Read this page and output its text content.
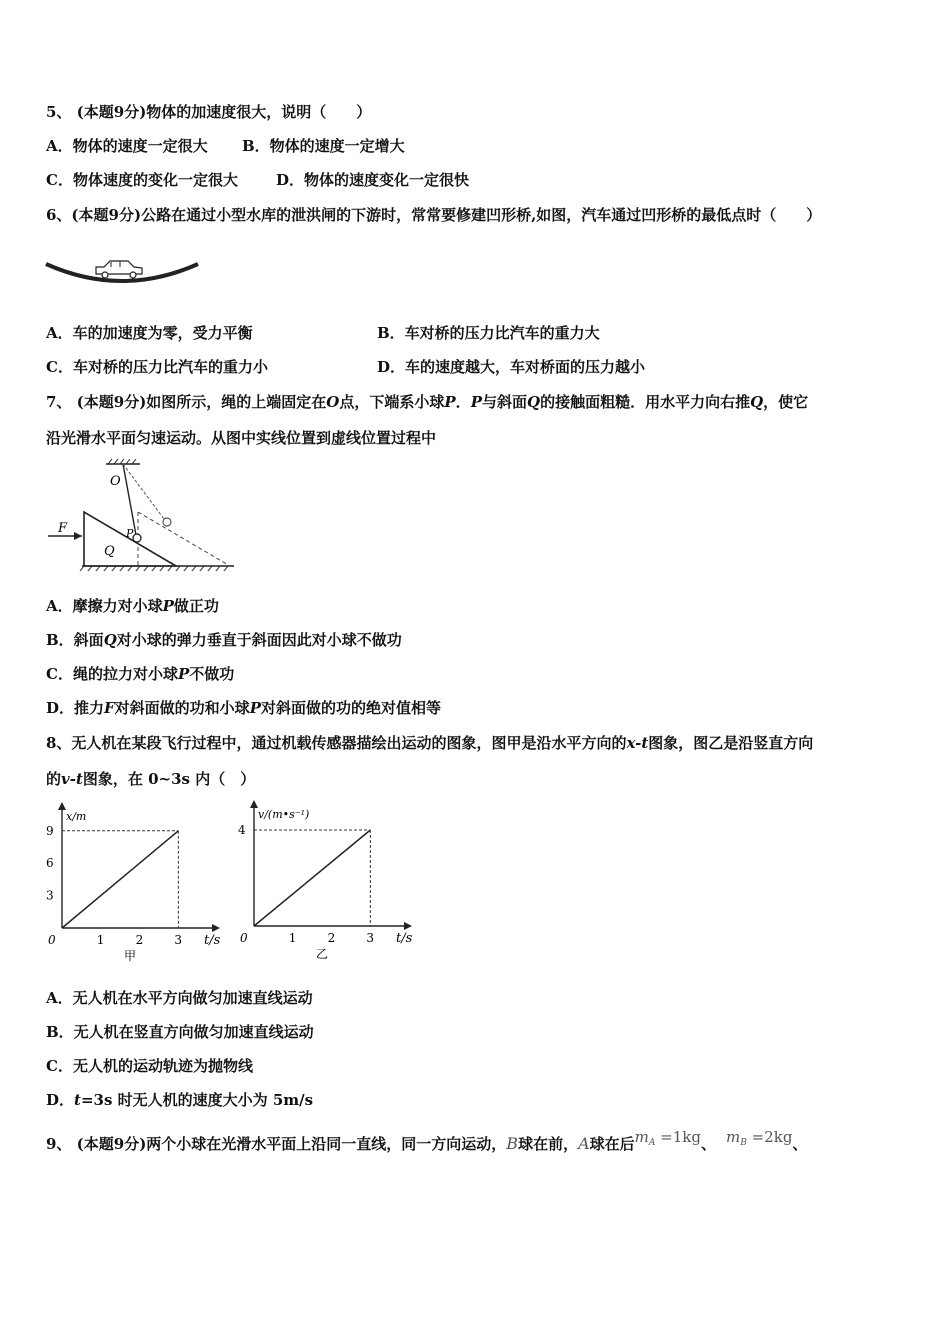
5、 (本题9分)物体的加速度很大，说明（　　）
A．物体的速度一定很大 B．物体的速度一定增大
C．物体速度的变化一定很大	D．物体的速度变化一定很快
6、(本题9分)公路在通过小型水库的泄洪闸的下游时，常常要修建凹形桥,如图，汽车通过凹形桥的最低点时（　　）
A．车的加速度为零，受力平衡	B．车对桥的压力比汽车的重力大
C．车对桥的压力比汽车的重力小	D．车的速度越大，车对桥面的压力越小
7、 (本题9分)如图所示，绳的上端固定在O点，下端系小球P．P与斜面Q的接触面粗糙．用水平力向右推Q，使它
沿光滑水平面匀速运动。从图中实线位置到虚线位置过程中
O
F	P
Q
A．摩擦力对小球P做正功
B．斜面Q对小球的弹力垂直于斜面因此对小球不做功
C．绳的拉力对小球P不做功
D．推力F对斜面做的功和小球P对斜面做的功的绝对值相等
8、无人机在某段飞行过程中，通过机载传感器描绘出运动的图象，图甲是沿水平方向的x-t图象，图乙是沿竖直方向
的v-t图象，在 0~3s 内（　）
0	1	2	3
3
6
9
t/s
x/m
甲
0	1	2	3
4
t/s
v/(m•s⁻¹)
乙
A．无人机在水平方向做匀加速直线运动
B．无人机在竖直方向做匀加速直线运动
C．无人机的运动轨迹为抛物线
D．t=3s 时无人机的速度大小为 5m/s
9、 (本题9分)两个小球在光滑水平面上沿同一直线，同一方向运动，B球在前，A球在后$m_A =1kg$、 $m_B =2kg$、
